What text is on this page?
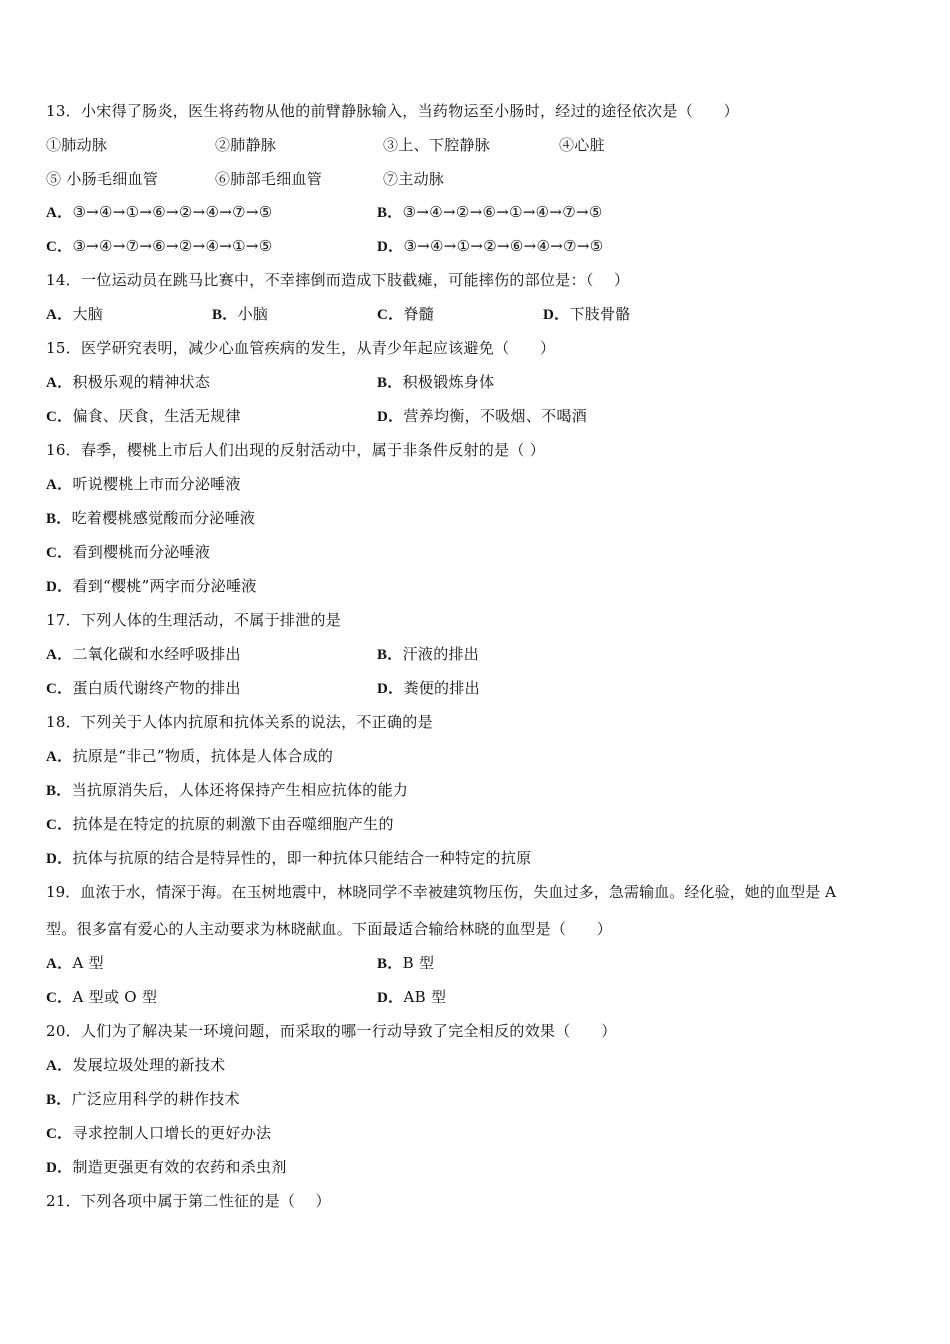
13．小宋得了肠炎，医生将药物从他的前臂静脉输入，当药物运至小肠时，经过的途径依次是（　　）
①肺动脉	②肺静脉	③上、下腔静脉	④心脏
⑤ 小肠毛细血管	⑥肺部毛细血管	⑦主动脉
A．③→④→①→⑥→②→④→⑦→⑤	B．③→④→②→⑥→①→④→⑦→⑤
C．③→④→⑦→⑥→②→④→①→⑤	D．③→④→①→②→⑥→④→⑦→⑤
14．一位运动员在跳马比赛中，不幸摔倒而造成下肢截瘫，可能摔伤的部位是：（　 ）
A．大脑	B．小脑	C．脊髓	D．下肢骨骼
15．医学研究表明，减少心血管疾病的发生，从青少年起应该避免（　　）
A．积极乐观的精神状态	B．积极锻炼身体
C．偏食、厌食，生活无规律	D．营养均衡，不吸烟、不喝酒
16．春季，樱桃上市后人们出现的反射活动中，属于非条件反射的是（ ）
A．听说樱桃上市而分泌唾液
B．吃着樱桃感觉酸而分泌唾液
C．看到樱桃而分泌唾液
D．看到“樱桃”两字而分泌唾液
17．下列人体的生理活动，不属于排泄的是
A．二氧化碳和水经呼吸排出	B．汗液的排出
C．蛋白质代谢终产物的排出	D．粪便的排出
18．下列关于人体内抗原和抗体关系的说法，不正确的是
A．抗原是“非己”物质，抗体是人体合成的
B．当抗原消失后，人体还将保持产生相应抗体的能力
C．抗体是在特定的抗原的刺激下由吞噬细胞产生的
D．抗体与抗原的结合是特异性的，即一种抗体只能结合一种特定的抗原
19．血浓于水，情深于海。在玉树地震中，林晓同学不幸被建筑物压伤，失血过多，急需输血。经化验，她的血型是 A
型。很多富有爱心的人主动要求为林晓献血。下面最适合输给林晓的血型是（　　）
A．A 型	B．B 型
C．A 型或 O 型	D．AB 型
20．人们为了解决某一环境问题，而采取的哪一行动导致了完全相反的效果（　　）
A．发展垃圾处理的新技术
B．广泛应用科学的耕作技术
C．寻求控制人口增长的更好办法
D．制造更强更有效的农药和杀虫剂
21．下列各项中属于第二性征的是（　 ）
